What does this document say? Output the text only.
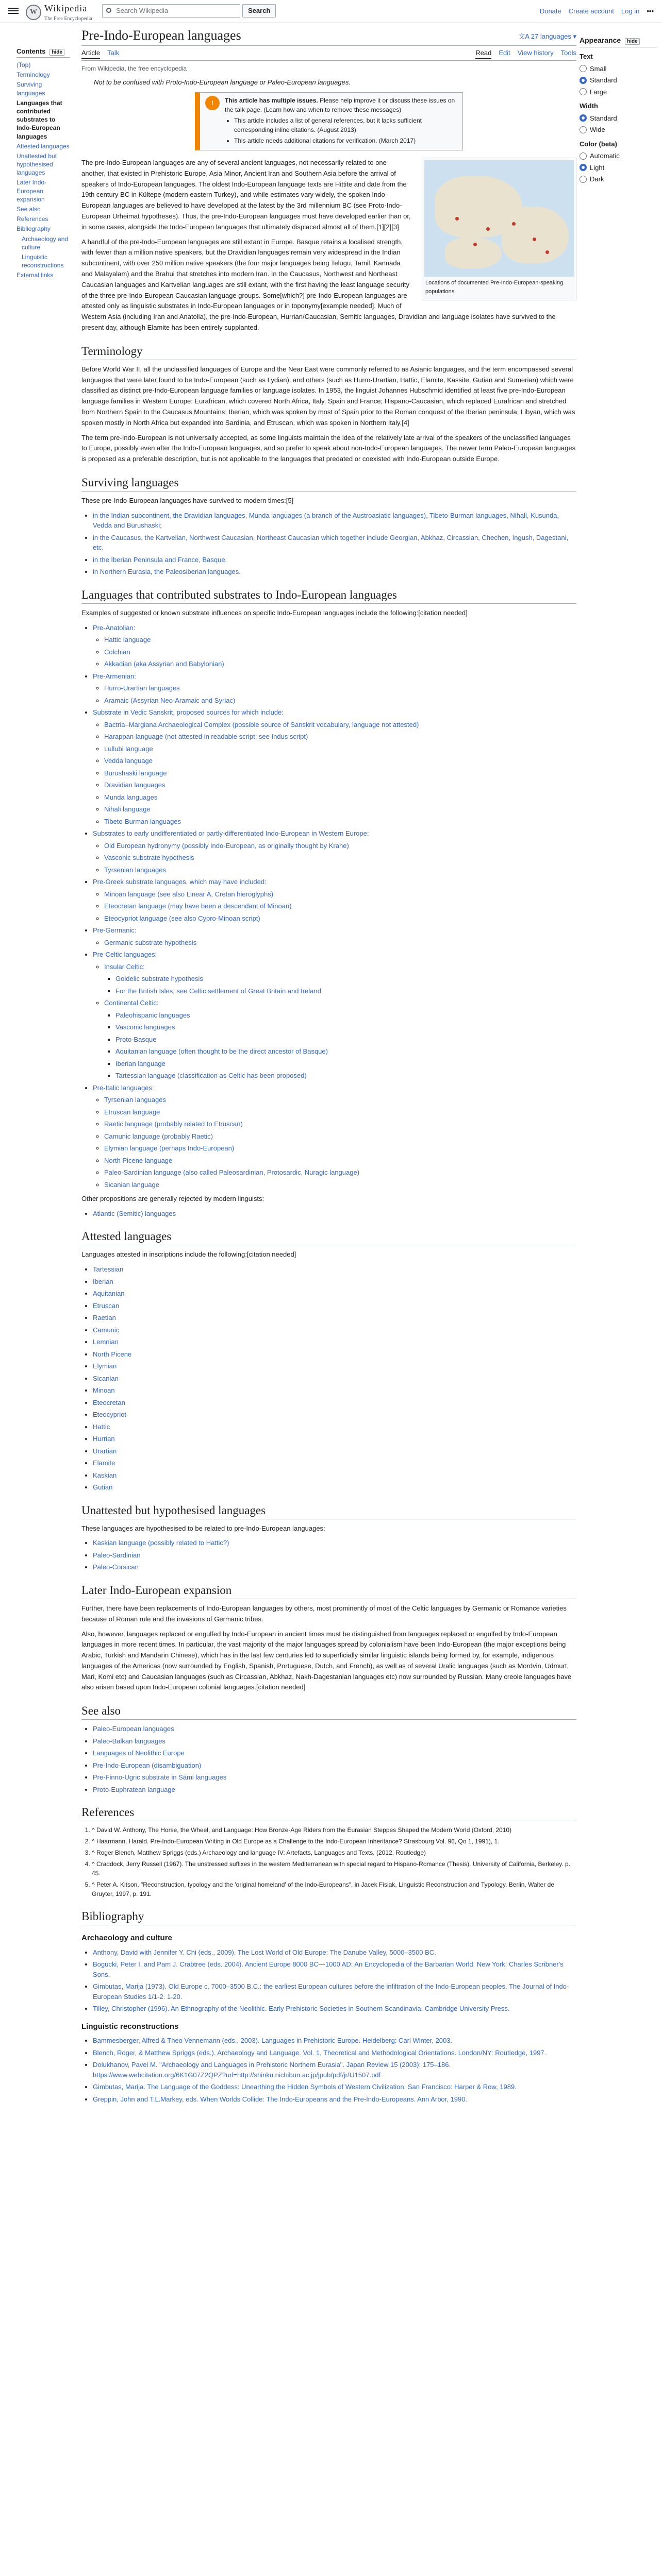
W Wikipedia
The Free Encyclopedia
Search Wikipedia	Search	Donate Create account Log in •••
Contents hide
(Top)
Terminology
Surviving languages
Languages that contributed substrates to Indo-European languages
Attested languages
Unattested but hypothesised languages
Later Indo-European expansion
See also
References
Bibliography
Archaeology and culture
Linguistic reconstructions
External links
Pre-Indo-European languages	文A 27 languages ▾
Article Talk	Read Edit View history Tools
From Wikipedia, the free encyclopedia
Not to be confused with Proto-Indo-European language or Paleo-European languages.
!	This article has multiple issues. Please help improve it or discuss these issues on the talk page. (Learn how and when to remove these messages)
• This article includes a list of general references, but it lacks sufficient corresponding inline citations. (August 2013)
• This article needs additional citations for verification. (March 2017)
Locations of documented Pre-Indo-European-speaking populations

The pre-Indo-European languages are any of several ancient languages, not necessarily related to one another, that existed in Prehistoric Europe, Asia Minor, Ancient Iran and Southern Asia before the arrival of speakers of Indo-European languages. The oldest Indo-European language texts are Hittite and date from the 19th century BC in Kültepe (modern eastern Turkey), and while estimates vary widely, the spoken Indo-European languages are believed to have developed at the latest by the 3rd millennium BC (see Proto-Indo-European Urheimat hypotheses). Thus, the pre-Indo-European languages must have developed earlier than or, in some cases, alongside the Indo-European languages that ultimately displaced almost all of them.[1][2][3]

A handful of the pre-Indo-European languages are still extant in Europe. Basque retains a localised strength, with fewer than a million native speakers, but the Dravidian languages remain very widespread in the Indian subcontinent, with over 250 million native speakers (the four major languages being Telugu, Tamil, Kannada and Malayalam) and the Brahui that stretches into modern Iran. In the Caucasus, Northwest and Northeast Caucasian languages and Kartvelian languages are still extant, with the first having the least language security of the three pre-Indo-European Caucasian language groups. Some[which?] pre-Indo-European languages are attested only as linguistic substrates in Indo-European languages or in toponymy[example needed]. Much of Western Asia (including Iran and Anatolia), the pre-Indo-European, Hurrian/Caucasian, Semitic languages, Dravidian and language isolates have survived to the present day, although Elamite has been entirely supplanted.

Terminology

Before World War II, all the unclassified languages of Europe and the Near East were commonly referred to as Asianic languages, and the term encompassed several languages that were later found to be Indo-European (such as Lydian), and others (such as Hurro-Urartian, Hattic, Elamite, Kassite, Gutian and Sumerian) which were classified as distinct pre-Indo-European language families or language isolates. In 1953, the linguist Johannes Hubschmid identified at least five pre-Indo-European language families in Western Europe: Eurafrican, which covered North Africa, Italy, Spain and France; Hispano-Caucasian, which replaced Eurafrican and stretched from Northern Spain to the Caucasus Mountains; Iberian, which was spoken by most of Spain prior to the Roman conquest of the Iberian peninsula; Libyan, which was spoken mostly in North Africa but expanded into Sardinia, and Etruscan, which was spoken in Northern Italy.[4]

The term pre-Indo-European is not universally accepted, as some linguists maintain the idea of the relatively late arrival of the speakers of the unclassified languages to Europe, possibly even after the Indo-European languages, and so prefer to speak about non-Indo-European languages. The newer term Paleo-European languages is proposed as a preferable description, but is not applicable to the languages that predated or coexisted with Indo-European outside Europe.

Surviving languages

These pre-Indo-European languages have survived to modern times:[5]

• in the Indian subcontinent, the Dravidian languages, Munda languages (a branch of the Austroasiatic languages), Tibeto-Burman languages, Nihali, Kusunda, Vedda and Burushaski;
• in the Caucasus, the Kartvelian, Northwest Caucasian, Northeast Caucasian which together include Georgian, Abkhaz, Circassian, Chechen, Ingush, Dagestani, etc.
• in the Iberian Peninsula and France, Basque.
• in Northern Eurasia, the Paleosiberian languages.
Languages that contributed substrates to Indo-European languages

Examples of suggested or known substrate influences on specific Indo-European languages include the following:[citation needed]

• Pre-Anatolian:
◦ Hattic language
◦ Colchian
◦ Akkadian (aka Assyrian and Babylonian)
• Pre-Armenian:
◦ Hurro-Urartian languages
◦ Aramaic (Assyrian Neo-Aramaic and Syriac)
• Substrate in Vedic Sanskrit, proposed sources for which include:
◦ Bactria–Margiana Archaeological Complex (possible source of Sanskrit vocabulary, language not attested)
◦ Harappan language (not attested in readable script; see Indus script)
◦ Lullubi language
◦ Vedda language
◦ Burushaski language
◦ Dravidian languages
◦ Munda languages
◦ Nihali language
◦ Tibeto-Burman languages
• Substrates to early undifferentiated or partly-differentiated Indo-European in Western Europe:
◦ Old European hydronymy (possibly Indo-European, as originally thought by Krahe)
◦ Vasconic substrate hypothesis
◦ Tyrsenian languages
• Pre-Greek substrate languages, which may have included:
◦ Minoan language (see also Linear A, Cretan hieroglyphs)
◦ Eteocretan language (may have been a descendant of Minoan)
◦ Eteocypriot language (see also Cypro-Minoan script)
• Pre-Germanic:
◦ Germanic substrate hypothesis
• Pre-Celtic languages:
◦ Insular Celtic:
▪ Goidelic substrate hypothesis
▪ For the British Isles, see Celtic settlement of Great Britain and Ireland
◦ Continental Celtic:
▪ Paleohispanic languages
▪ Vasconic languages
▪ Proto-Basque
▪ Aquitanian language (often thought to be the direct ancestor of Basque)
▪ Iberian language
▪ Tartessian language (classification as Celtic has been proposed)
• Pre-Italic languages:
◦ Tyrsenian languages
◦ Etruscan language
◦ Raetic language (probably related to Etruscan)
◦ Camunic language (probably Raetic)
◦ Elymian language (perhaps Indo-European)
◦ North Picene language
◦ Paleo-Sardinian language (also called Paleosardinian, Protosardic, Nuragic language)
◦ Sicanian language

Other propositions are generally rejected by modern linguists:

• Atlantic (Semitic) languages
Attested languages

Languages attested in inscriptions include the following:[citation needed]

• Tartessian
• Iberian
• Aquitanian
• Etruscan
• Raetian
• Camunic
• Lemnian
• North Picene
• Elymian
• Sicanian
• Minoan
• Eteocretan
• Eteocypriot
• Hattic
• Hurrian
• Urartian
• Elamite
• Kaskian
• Gutian
Unattested but hypothesised languages

These languages are hypothesised to be related to pre-Indo-European languages:

• Kaskian language (possibly related to Hattic?)
• Paleo-Sardinian
• Paleo-Corsican
Later Indo-European expansion

Further, there have been replacements of Indo-European languages by others, most prominently of most of the Celtic languages by Germanic or Romance varieties because of Roman rule and the invasions of Germanic tribes.

Also, however, languages replaced or engulfed by Indo-European in ancient times must be distinguished from languages replaced or engulfed by Indo-European languages in more recent times. In particular, the vast majority of the major languages spread by colonialism have been Indo-European (the major exceptions being Arabic, Turkish and Mandarin Chinese), which has in the last few centuries led to superficially similar linguistic islands being formed by, for example, indigenous languages of the Americas (now surrounded by English, Spanish, Portuguese, Dutch, and French), as well as of several Uralic languages (such as Mordvin, Udmurt, Mari, Komi etc) and Caucasian languages (such as Circassian, Abkhaz, Nakh-Dagestanian languages etc) now surrounded by Russian. Many creole languages have also arisen based upon Indo-European colonial languages.[citation needed]

See also
• Paleo-European languages
• Paleo-Balkan languages
• Languages of Neolithic Europe
• Pre-Indo-European (disambiguation)
• Pre-Finno-Ugric substrate in Sámi languages
• Proto-Euphratean language
References
1. ^ David W. Anthony, The Horse, the Wheel, and Language: How Bronze-Age Riders from the Eurasian Steppes Shaped the Modern World (Oxford, 2010)
2. ^ Haarmann, Harald. Pre-Indo-European Writing in Old Europe as a Challenge to the Indo-European Inheritance? Strasbourg Vol. 96, Qo 1, 1991), 1.
3. ^ Roger Blench, Matthew Spriggs (eds.) Archaeology and language IV: Artefacts, Languages and Texts, (2012, Routledge)
4. ^ Craddock, Jerry Russell (1967). The unstressed suffixes in the western Mediterranean with special regard to Hispano-Romance (Thesis). University of California, Berkeley. p. 45.
5. ^ Peter A. Kitson, "Reconstruction, typology and the 'original homeland' of the Indo-Europeans", in Jacek Fisiak, Linguistic Reconstruction and Typology, Berlin, Walter de Gruyter, 1997, p. 191.
Bibliography
Archaeology and culture
• Anthony, David with Jennifer Y. Chi (eds., 2009). The Lost World of Old Europe: The Danube Valley, 5000–3500 BC.
• Bogucki, Peter I. and Pam J. Crabtree (eds. 2004). Ancient Europe 8000 BC—1000 AD: An Encyclopedia of the Barbarian World. New York: Charles Scribner's Sons.
• Gimbutas, Marija (1973). Old Europe c. 7000–3500 B.C.: the earliest European cultures before the infiltration of the Indo-European peoples. The Journal of Indo-European Studies 1/1-2. 1-20.
• Tilley, Christopher (1996). An Ethnography of the Neolithic. Early Prehistoric Societies in Southern Scandinavia. Cambridge University Press.
Linguistic reconstructions
• Bammesberger, Alfred & Theo Vennemann (eds., 2003). Languages in Prehistoric Europe. Heidelberg: Carl Winter, 2003.
• Blench, Roger, & Matthew Spriggs (eds.). Archaeology and Language. Vol. 1, Theoretical and Methodological Orientations. London/NY: Routledge, 1997.
• Dolukhanov, Pavel M. "Archaeology and Languages in Prehistoric Northern Eurasia". Japan Review 15 (2003): 175–186. https://www.webcitation.org/6K1G07Z2QPZ?url=http://shinku.nichibun.ac.jp/jpub/pdf/jr/IJ1507.pdf
• Gimbutas, Marija. The Language of the Goddess: Unearthing the Hidden Symbols of Western Civilization. San Francisco: Harper & Row, 1989.
• Greppin, John and T.L.Markey, eds. When Worlds Collide: The Indo-Europeans and the Pre-Indo-Europeans. Ann Arbor, 1990.
Appearance hide
Text
Small
Standard
Large
Width
Standard
Wide
Color (beta)
Automatic
Light
Dark
